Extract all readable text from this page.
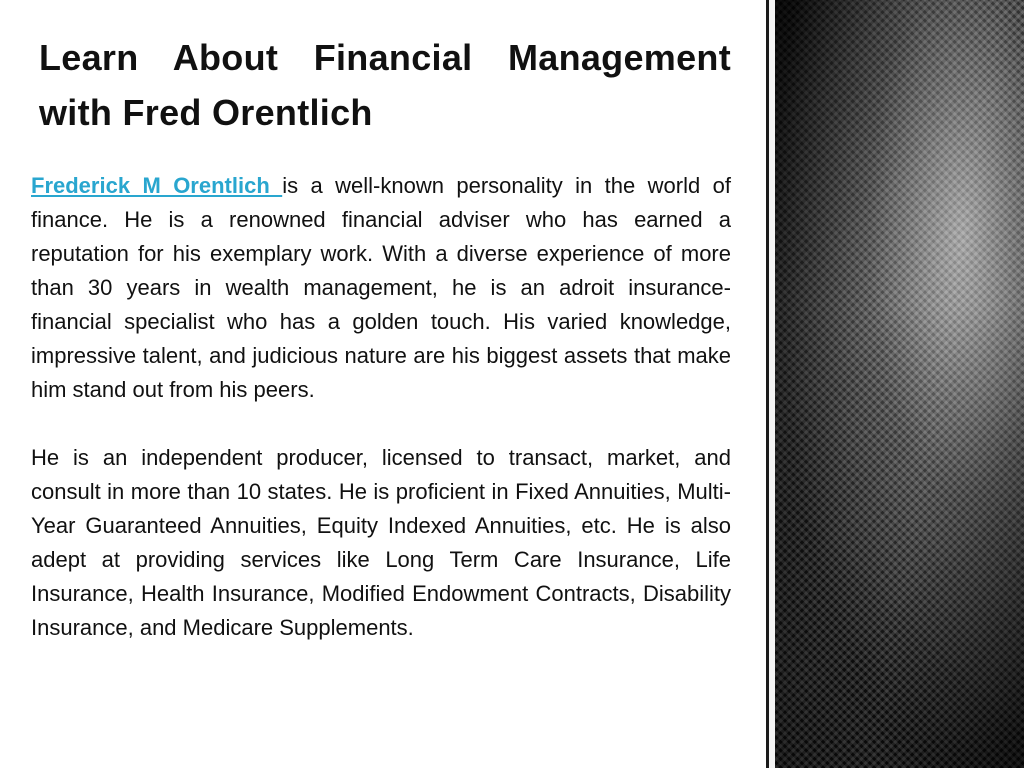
Learn About Financial Management
with Fred Orentlich

Frederick M Orentlich is a well-known personality in the world of finance. He is a renowned financial adviser who has earned a reputation for his exemplary work. With a diverse experience of more than 30 years in wealth management, he is an adroit insurance-financial specialist who has a golden touch. His varied knowledge, impressive talent, and judicious nature are his biggest assets that make him stand out from his peers.

He is an independent producer, licensed to transact, market, and consult in more than 10 states. He is proficient in Fixed Annuities, Multi-Year Guaranteed Annuities, Equity Indexed Annuities, etc. He is also adept at providing services like Long Term Care Insurance, Life Insurance, Health Insurance, Modified Endowment Contracts, Disability Insurance, and Medicare Supplements.
